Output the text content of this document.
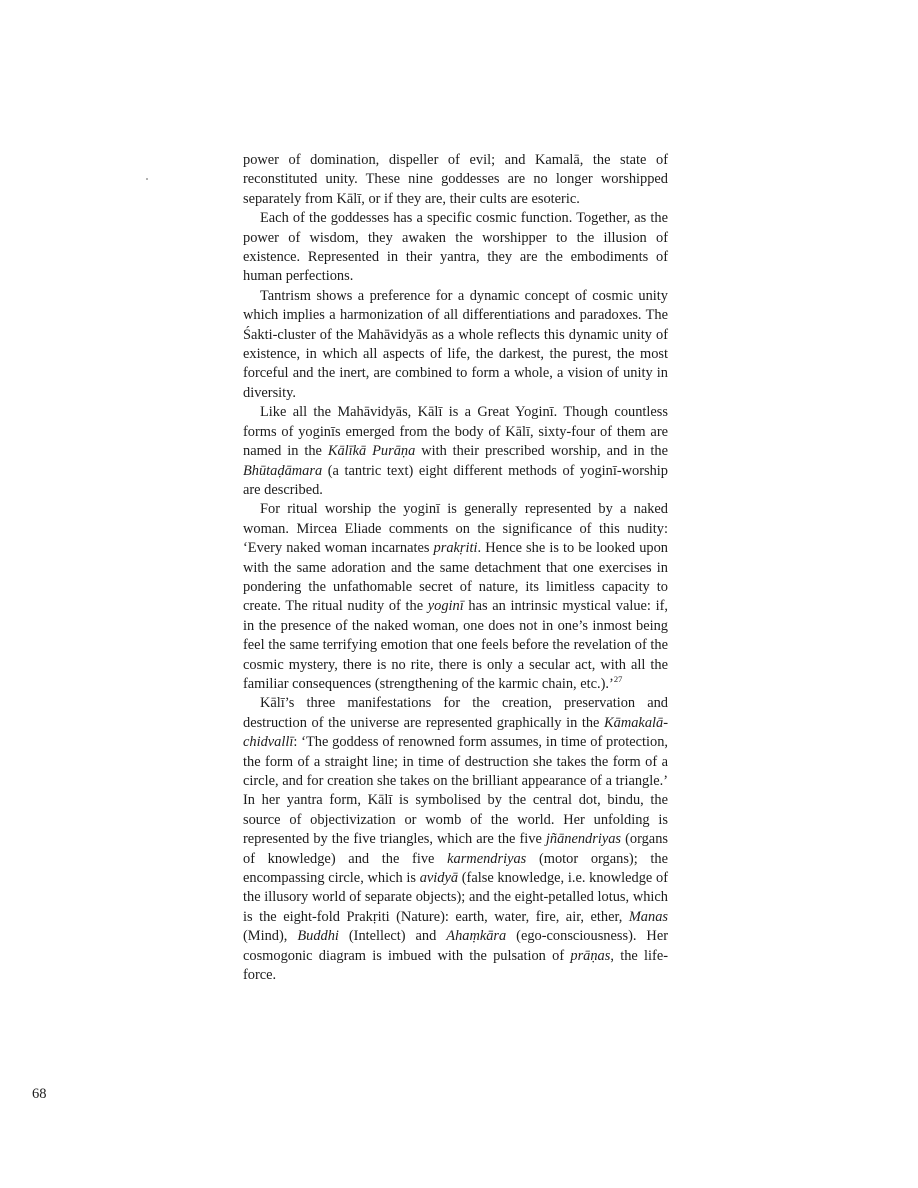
power of domination, dispeller of evil; and Kamalā, the state of reconstituted unity. These nine goddesses are no longer worshipped separately from Kālī, or if they are, their cults are esoteric.

Each of the goddesses has a specific cosmic function. Together, as the power of wisdom, they awaken the worshipper to the illusion of existence. Represented in their yantra, they are the embodiments of human perfections.

Tantrism shows a preference for a dynamic concept of cosmic unity which implies a harmonization of all differentiations and paradoxes. The Śakti-cluster of the Mahāvidyās as a whole reflects this dynamic unity of existence, in which all aspects of life, the darkest, the purest, the most forceful and the inert, are combined to form a whole, a vision of unity in diversity.

Like all the Mahāvidyās, Kālī is a Great Yoginī. Though countless forms of yoginīs emerged from the body of Kālī, sixty-four of them are named in the Kālīkā Purāṇa with their prescribed worship, and in the Bhūtaḍāmara (a tantric text) eight different methods of yoginī-worship are described.

For ritual worship the yoginī is generally represented by a naked woman. Mircea Eliade comments on the significance of this nudity: ‘Every naked woman incarnates prakṛiti. Hence she is to be looked upon with the same adoration and the same detachment that one exercises in pondering the unfathomable secret of nature, its limitless capacity to create. The ritual nudity of the yoginī has an intrinsic mystical value: if, in the presence of the naked woman, one does not in one’s inmost being feel the same terrifying emotion that one feels before the revelation of the cosmic mystery, there is no rite, there is only a secular act, with all the familiar consequences (strengthening of the karmic chain, etc.).’$^{27}$

Kālī’s three manifestations for the creation, preservation and destruction of the universe are represented graphically in the Kāmakalā-chidvallī: ‘The goddess of renowned form assumes, in time of protection, the form of a straight line; in time of destruction she takes the form of a circle, and for creation she takes on the brilliant appearance of a triangle.’ In her yantra form, Kālī is symbolised by the central dot, bindu, the source of objectivization or womb of the world. Her unfolding is represented by the five triangles, which are the five jñānendriyas (organs of knowledge) and the five karmendriyas (motor organs); the encompassing circle, which is avidyā (false knowledge, i.e. knowledge of the illusory world of separate objects); and the eight-petalled lotus, which is the eight-fold Prakṛiti (Nature): earth, water, fire, air, ether, Manas (Mind), Buddhi (Intellect) and Ahaṃkāra (ego-consciousness). Her cosmogonic diagram is imbued with the pulsation of prāṇas, the life-force.

68
